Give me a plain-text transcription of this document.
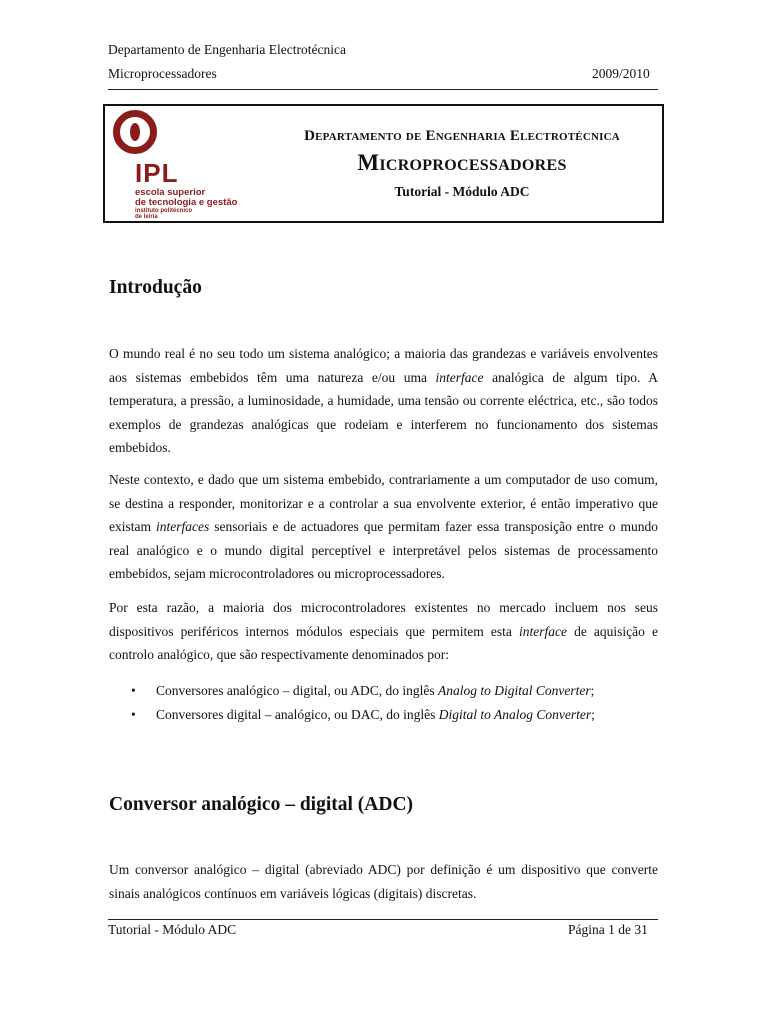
Departamento de Engenharia Electrotécnica
Microprocessadores	2009/2010
IPL
escola superior
de tecnologia e gestão
instituto politécnico
de leiria
Departamento de Engenharia Electrotécnica
Microprocessadores
Tutorial - Módulo ADC
Introdução

O mundo real é no seu todo um sistema analógico; a maioria das grandezas e variáveis envolventes aos sistemas embebidos têm uma natureza e/ou uma interface analógica de algum tipo. A temperatura, a pressão, a luminosidade, a humidade, uma tensão ou corrente eléctrica, etc., são todos exemplos de grandezas analógicas que rodeiam e interferem no funcionamento dos sistemas embebidos.

Neste contexto, e dado que um sistema embebido, contrariamente a um computador de uso comum, se destina a responder, monitorizar e a controlar a sua envolvente exterior, é então imperativo que existam interfaces sensoriais e de actuadores que permitam fazer essa transposição entre o mundo real analógico e o mundo digital perceptível e interpretável pelos sistemas de processamento embebidos, sejam microcontroladores ou microprocessadores.

Por esta razão, a maioria dos microcontroladores existentes no mercado incluem nos seus dispositivos periféricos internos módulos especiais que permitem esta interface de aquisição e controlo analógico, que são respectivamente denominados por:

• Conversores analógico – digital, ou ADC, do inglês Analog to Digital Converter;
• Conversores digital – analógico, ou DAC, do inglês Digital to Analog Converter;
Conversor analógico – digital (ADC)

Um conversor analógico – digital (abreviado ADC) por definição é um dispositivo que converte sinais analógicos contínuos em variáveis lógicas (digitais) discretas.

Tutorial - Módulo ADC	Página 1 de 31
